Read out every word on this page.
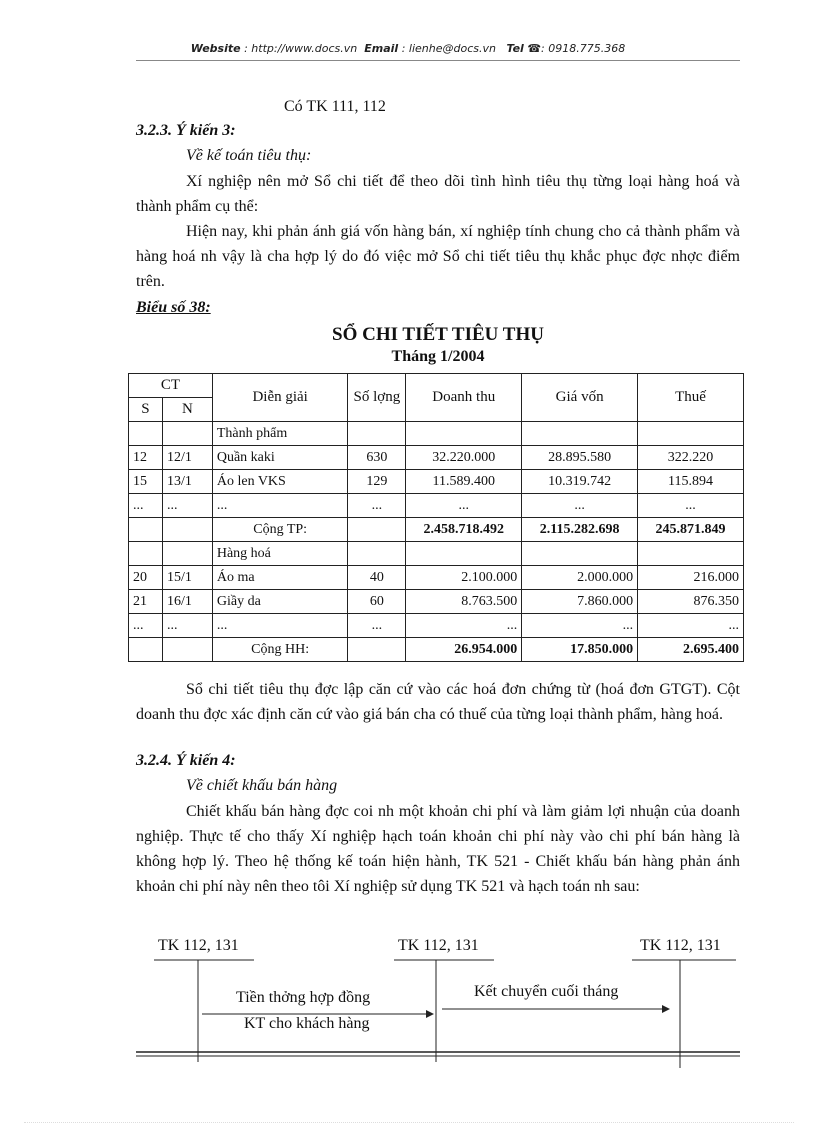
Website : http://www.docs.vn Email : lienhe@docs.vn Tel ☎: 0918.775.368
Có TK 111, 112
3.2.3. Ý kiến 3:
Về kế toán tiêu thụ:
Xí nghiệp nên mở Sổ chi tiết để theo dõi tình hình tiêu thụ từng loại hàng hoá và thành phẩm cụ thể:
Hiện nay, khi phản ánh giá vốn hàng bán, xí nghiệp tính chung cho cả thành phẩm và hàng hoá nh vậy là cha hợp lý do đó việc mở Sổ chi tiết tiêu thụ khắc phục đợc nhợc điểm trên.
Biểu số 38:
SỔ CHI TIẾT TIÊU THỤ
Tháng 1/2004
CT		Diễn giải	Số lợng	Doanh thu	Giá vốn	Thuế
S	N					
		Thành phẩm				
12	12/1	Quần kaki	630	32.220.000	28.895.580	322.220
15	13/1	Áo len VKS	129	11.589.400	10.319.742	115.894
...	...	...	...	...	...	...
		Cộng TP:		2.458.718.492	2.115.282.698	245.871.849
		Hàng hoá				
20	15/1	Áo ma	40	2.100.000	2.000.000	216.000
21	16/1	Giầy da	60	8.763.500	7.860.000	876.350
...	...	...	...	...	...	...
		Cộng HH:		26.954.000	17.850.000	2.695.400
Sổ chi tiết tiêu thụ đợc lập căn cứ vào các hoá đơn chứng từ (hoá đơn GTGT). Cột doanh thu đợc xác định căn cứ vào giá bán cha có thuế của từng loại thành phẩm, hàng hoá.
3.2.4. Ý kiến 4:
Về chiết khấu bán hàng
Chiết khấu bán hàng đợc coi nh một khoản chi phí và làm giảm lợi nhuận của doanh nghiệp. Thực tế cho thấy Xí nghiệp hạch toán khoản chi phí này vào chi phí bán hàng là không hợp lý. Theo hệ thống kế toán hiện hành, TK 521 - Chiết khấu bán hàng phản ánh khoản chi phí này nên theo tôi Xí nghiệp sử dụng TK 521 và hạch toán nh sau:
TK 112, 131	TK 112, 131	TK 112, 131
Tiền thởng hợp đồng
KT cho khách hàng
Kết chuyển cuối tháng
